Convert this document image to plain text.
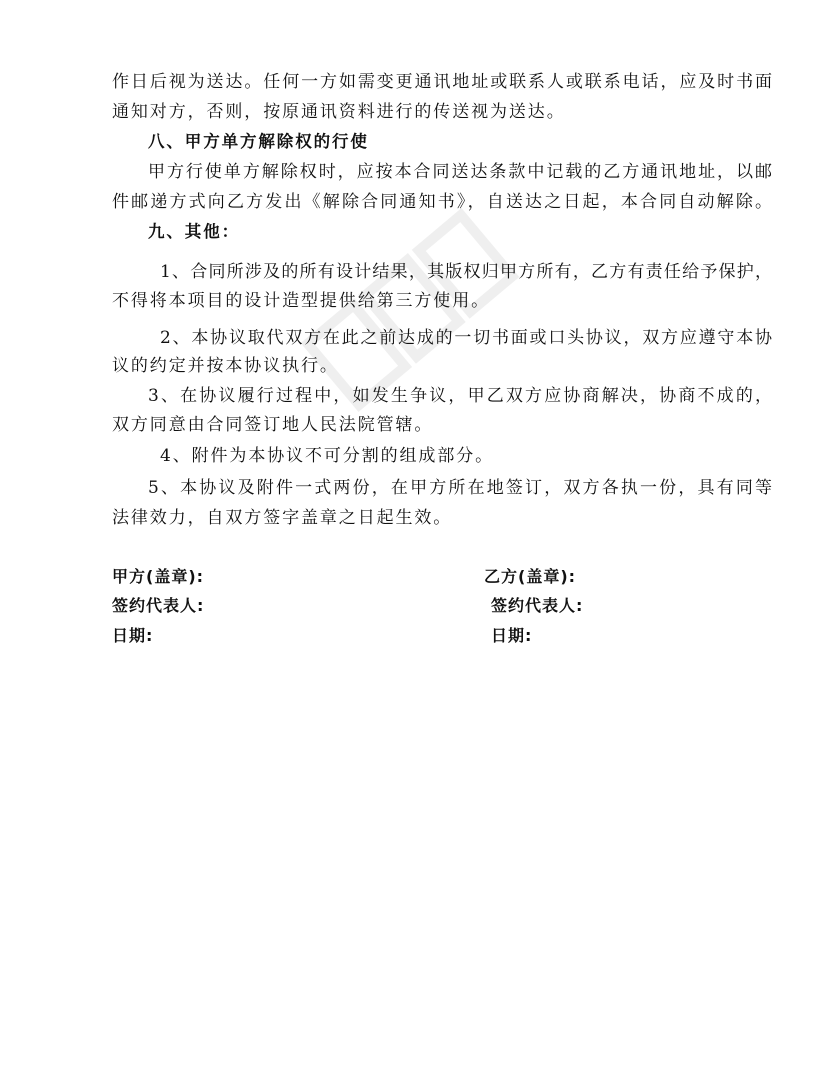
作日后视为送达。任何一方如需变更通讯地址或联系人或联系电话，应及时书面
通知对方，否则，按原通讯资料进行的传送视为送达。
八、甲方单方解除权的行使
甲方行使单方解除权时，应按本合同送达条款中记载的乙方通讯地址，以邮
件邮递方式向乙方发出《解除合同通知书》，自送达之日起，本合同自动解除。
九、其他：
1、合同所涉及的所有设计结果，其版权归甲方所有，乙方有责任给予保护，
不得将本项目的设计造型提供给第三方使用。
2、本协议取代双方在此之前达成的一切书面或口头协议，双方应遵守本协
议的约定并按本协议执行。
3、在协议履行过程中，如发生争议，甲乙双方应协商解决，协商不成的，
双方同意由合同签订地人民法院管辖。
4、附件为本协议不可分割的组成部分。
5、本协议及附件一式两份，在甲方所在地签订，双方各执一份，具有同等
法律效力，自双方签字盖章之日起生效。
甲方(盖章):
签约代表人:
日期:
乙方(盖章):
签约代表人:
日期:
